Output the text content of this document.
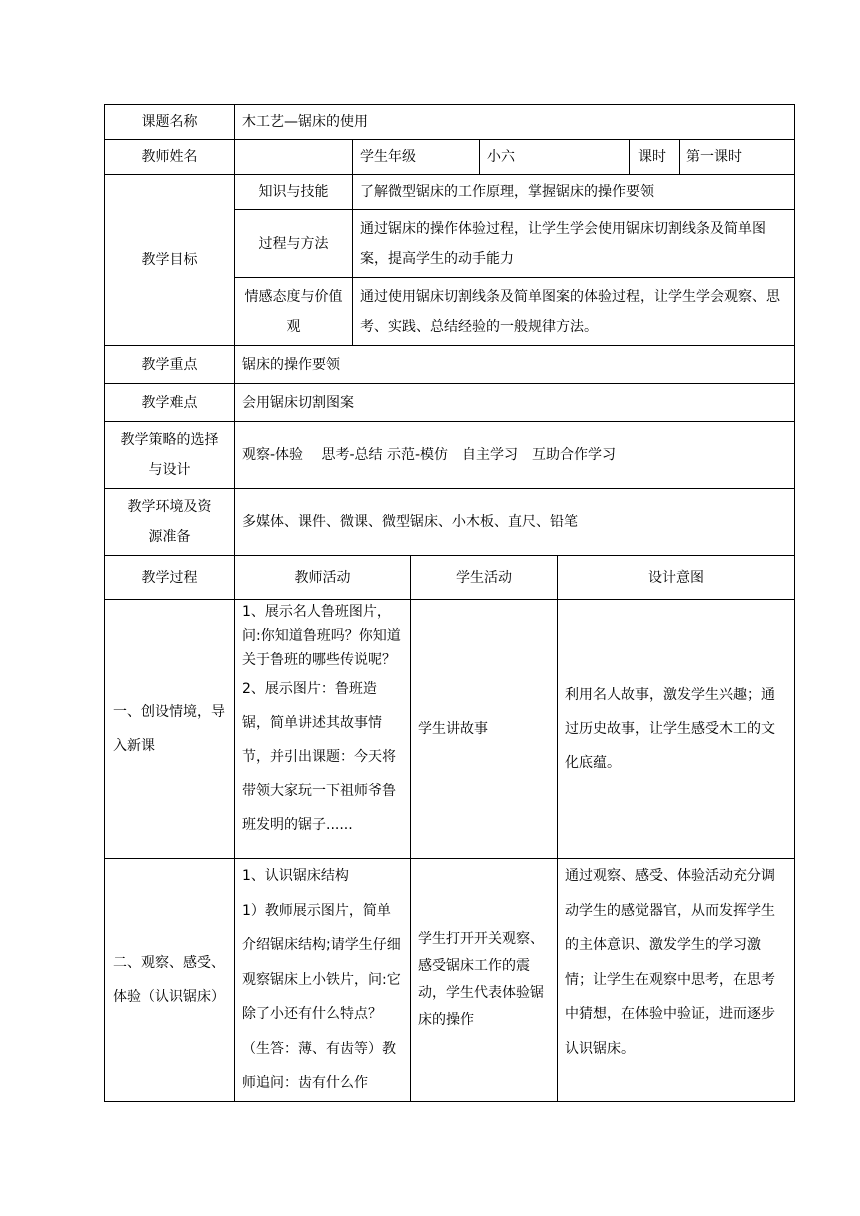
课题名称	木工艺—锯床的使用					
教师姓名		学生年级		小六		课时 第一课时

教学目标	知识与技能	了解微型锯床的工作原理，掌握锯床的操作要领				
	过程与方法	通过锯床的操作体验过程，让学生学会使用锯床切割线条及简单图案，提高学生的动手能力				
	情感态度与价值观	通过使用锯床切割线条及简单图案的体验过程，让学生学会观察、思考、实践、总结经验的一般规律方法。				
教学重点	锯床的操作要领					
教学难点	会用锯床切割图案					
教学策略的选择与设计	观察-体验　 思考-总结 示范-模仿　自主学习　互助合作学习					
教学环境及资源准备	多媒体、课件、微课、微型锯床、小木板、直尺、铅笔					
教学过程	教师活动		学生活动		设计意图	
一、创设情境，导入新课	1、展示名人鲁班图片，问:你知道鲁班吗？你知道关于鲁班的哪些传说呢？
2、展示图片：鲁班造锯，简单讲述其故事情节，并引出课题：今天将带领大家玩一下祖师爷鲁班发明的锯子......		学生讲故事		利用名人故事，激发学生兴趣；通过历史故事，让学生感受木工的文化底蕴。	
二、观察、感受、体验（认识锯床）	1、认识锯床结构
1）教师展示图片，简单介绍锯床结构;请学生仔细观察锯床上小铁片，问:它除了小还有什么特点？（生答：薄、有齿等）教师追问：齿有什么作		学生打开开关观察、感受锯床工作的震动，学生代表体验锯床的操作		通过观察、感受、体验活动充分调动学生的感觉器官，从而发挥学生的主体意识、激发学生的学习激情；让学生在观察中思考，在思考中猜想，在体验中验证，进而逐步认识锯床。	
